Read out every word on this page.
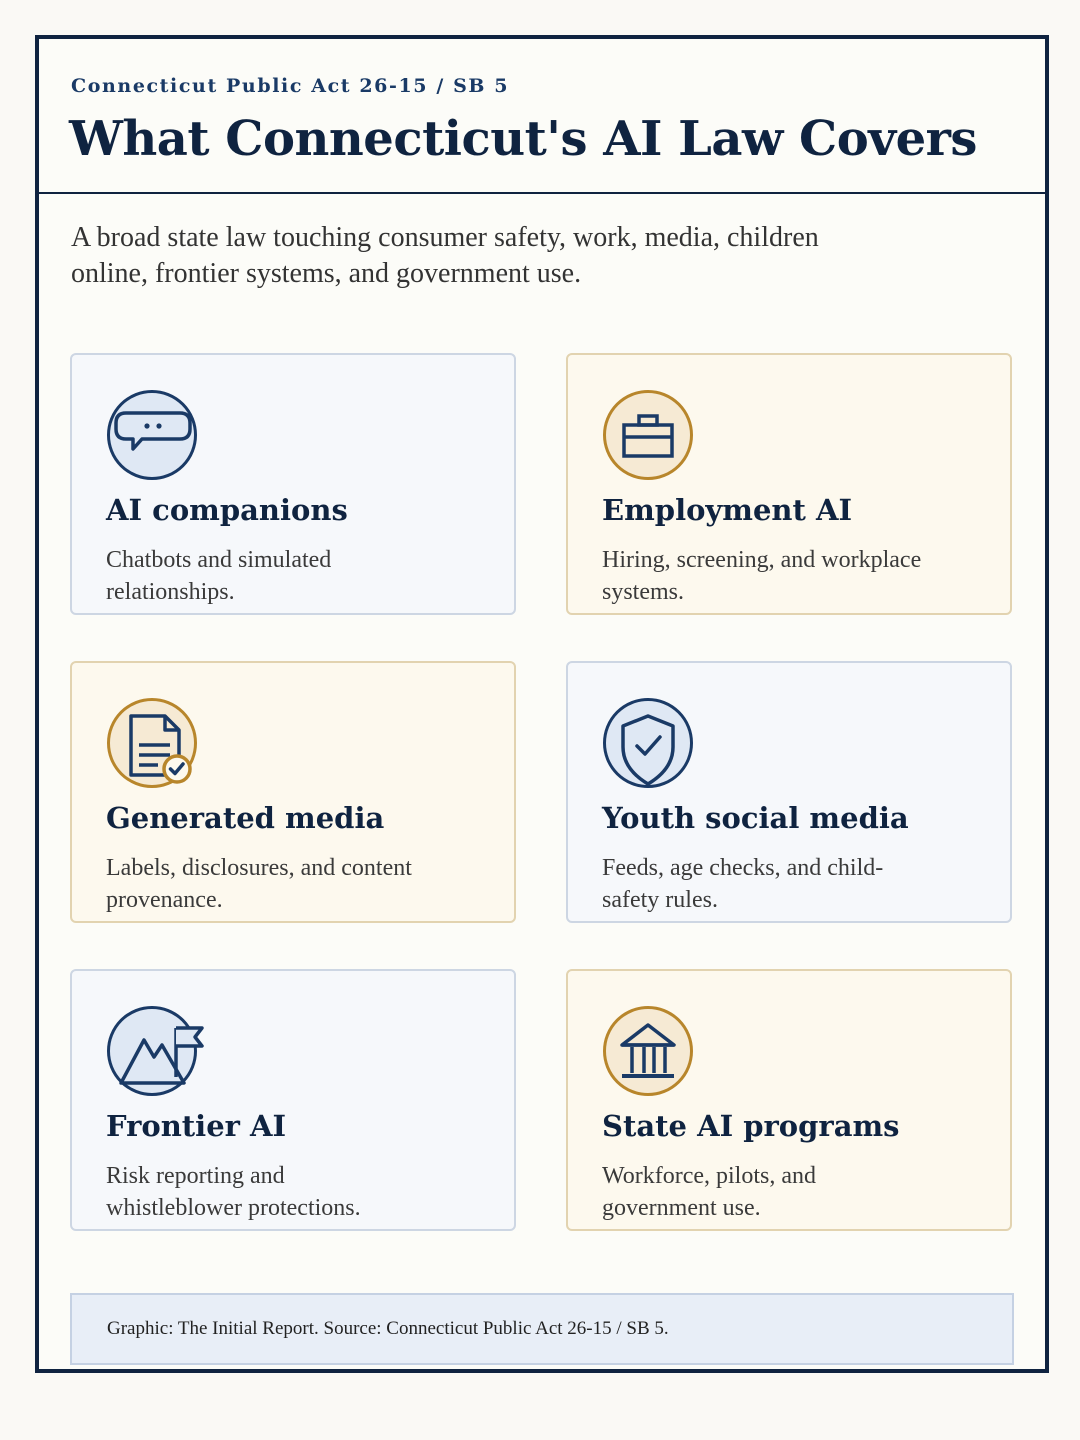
Connecticut Public Act 26-15 / SB 5
What Connecticut's AI Law Covers

A broad state law touching consumer safety, work, media, children online, frontier systems, and government use.

AI companions

Chatbots and simulated relationships.

Employment AI

Hiring, screening, and workplace systems.

Generated media

Labels, disclosures, and content provenance.

Youth social media

Feeds, age checks, and child-safety rules.

Frontier AI

Risk reporting and whistleblower protections.

State AI programs

Workforce, pilots, and government use.

Graphic: The Initial Report. Source: Connecticut Public Act 26-15 / SB 5.
